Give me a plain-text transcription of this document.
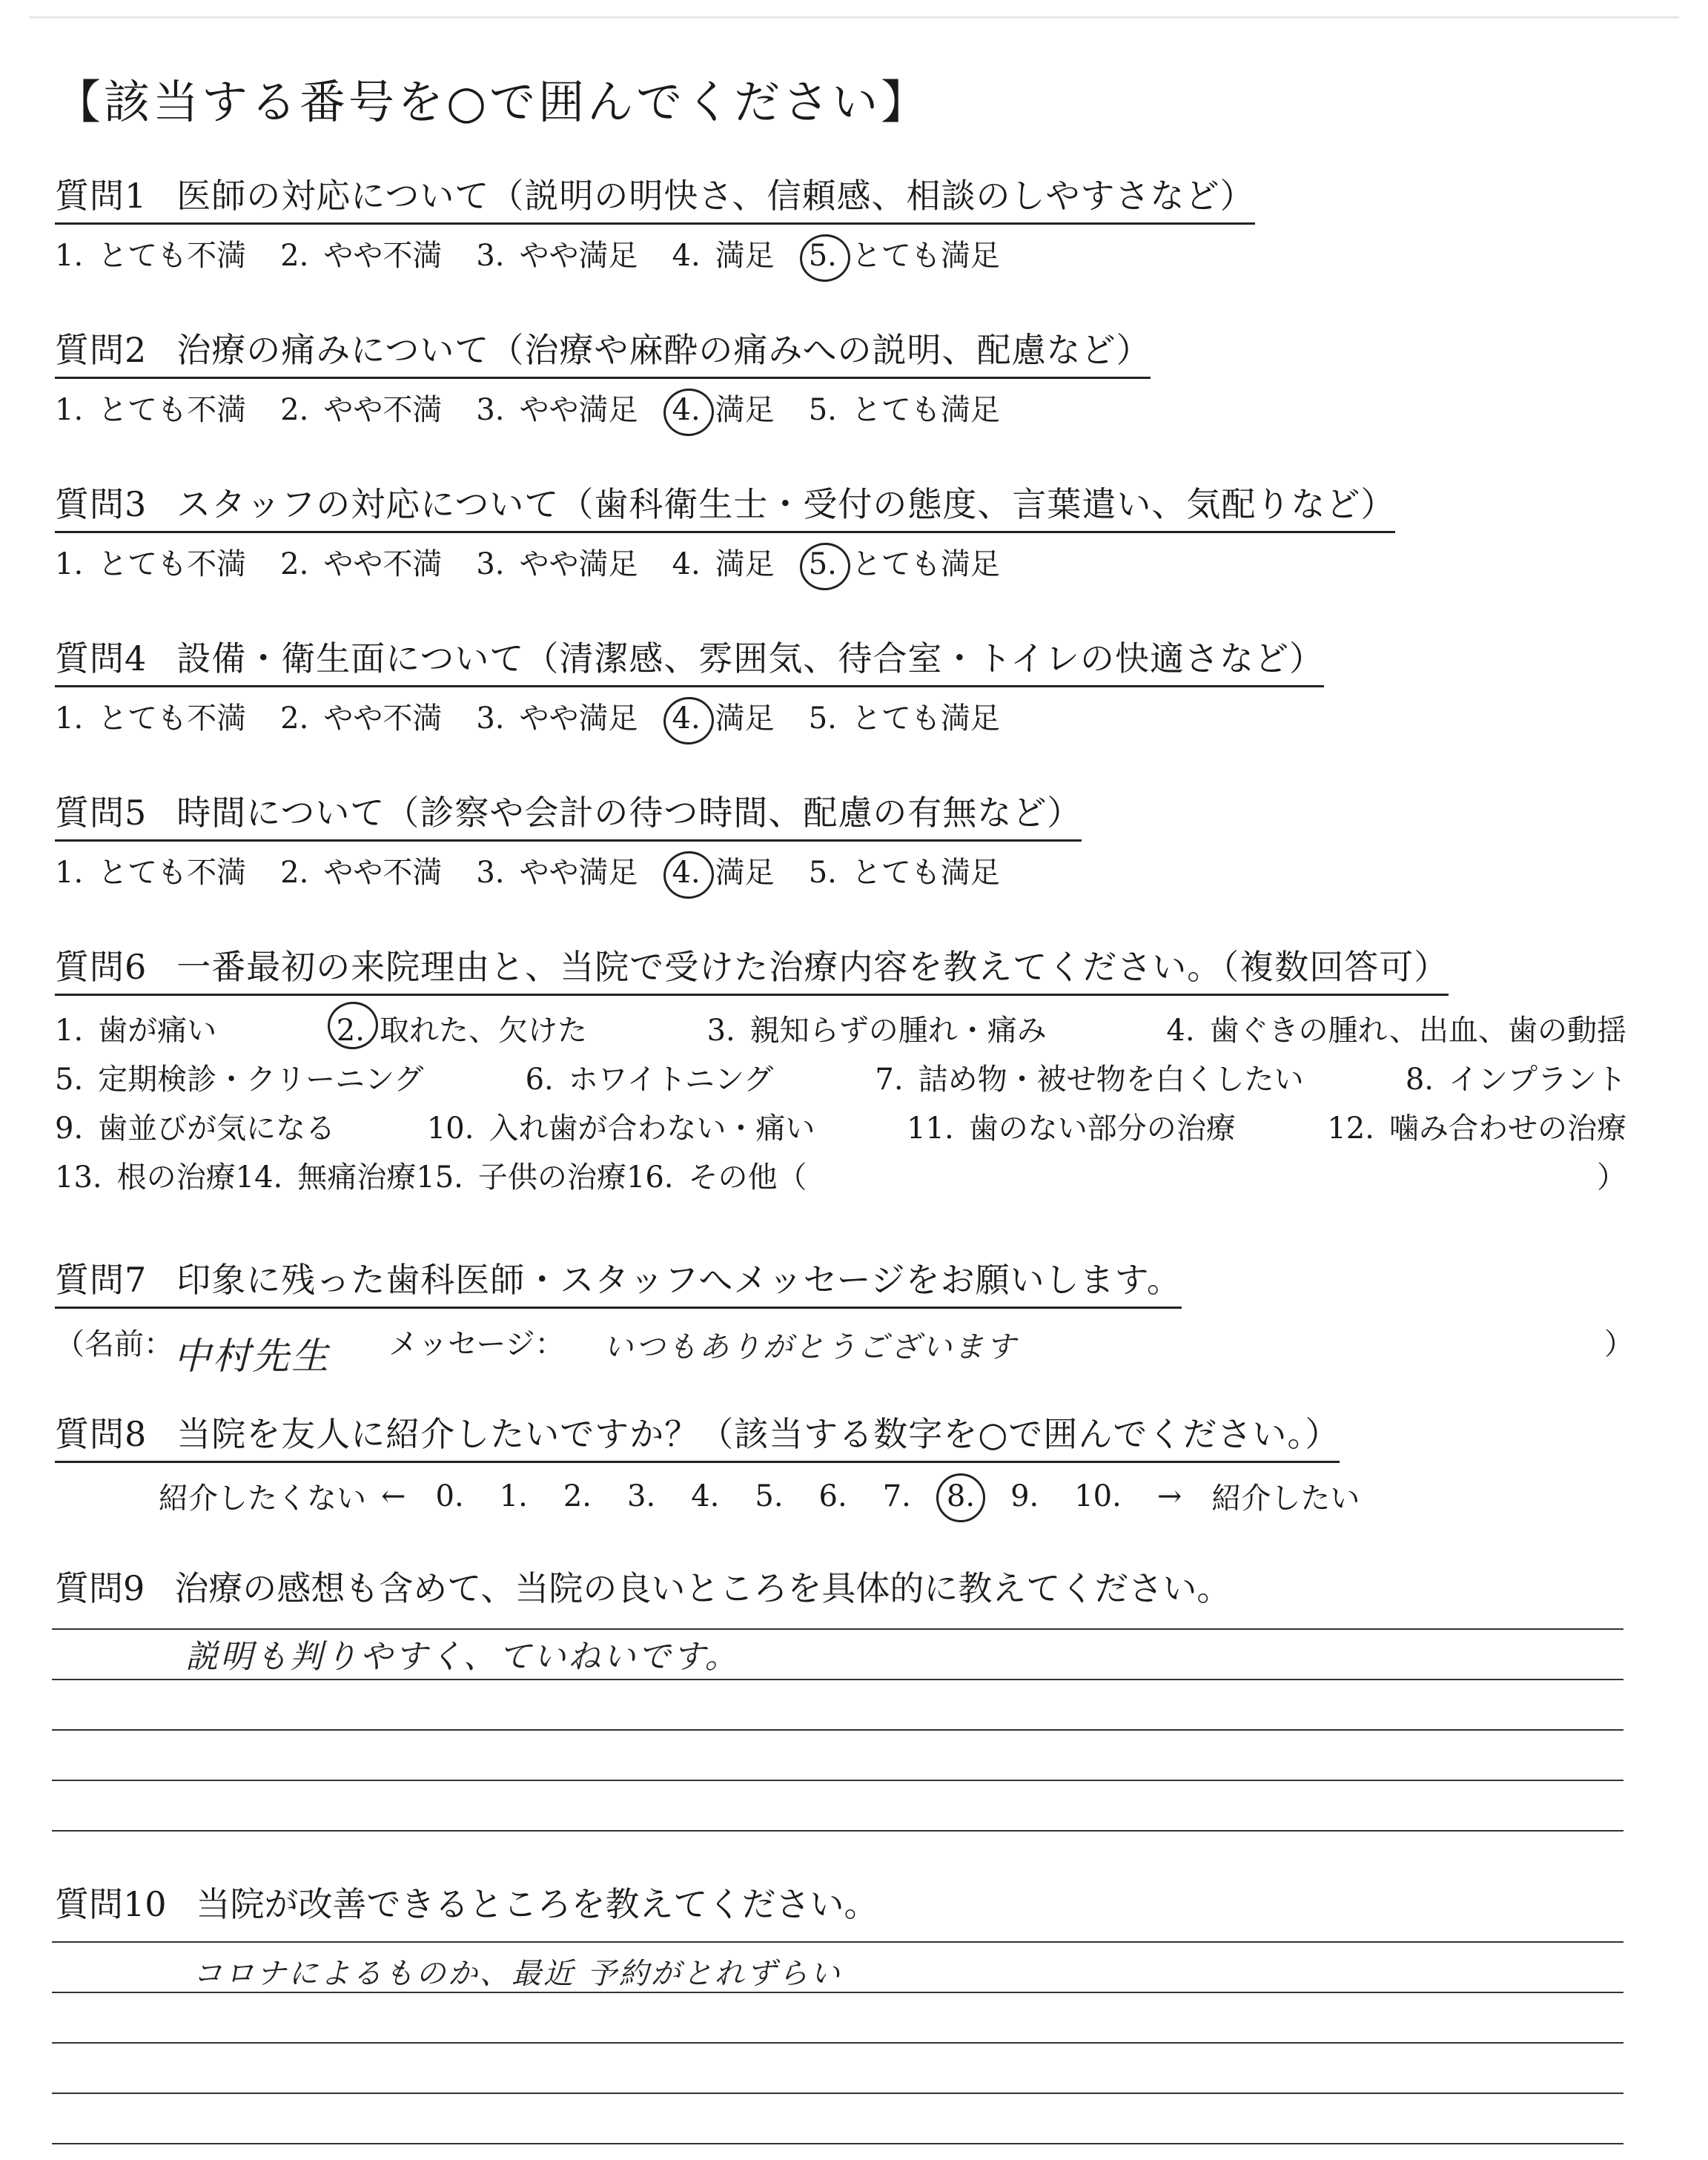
【該当する番号を○で囲んでください】
質問1 医師の対応について（説明の明快さ、信頼感、相談のしやすさなど）
1. とても不満 2. やや不満 3. やや満足 4. 満足 5. とても満足
質問2 治療の痛みについて（治療や麻酔の痛みへの説明、配慮など）
1. とても不満 2. やや不満 3. やや満足 4. 満足 5. とても満足
質問3 スタッフの対応について（歯科衛生士・受付の態度、言葉遣い、気配りなど）
1. とても不満 2. やや不満 3. やや満足 4. 満足 5. とても満足
質問4 設備・衛生面について（清潔感、雰囲気、待合室・トイレの快適さなど）
1. とても不満 2. やや不満 3. やや満足 4. 満足 5. とても満足
質問5 時間について（診察や会計の待つ時間、配慮の有無など）
1. とても不満 2. やや不満 3. やや満足 4. 満足 5. とても満足
質問6 一番最初の来院理由と、当院で受けた治療内容を教えてください。（複数回答可）
1. 歯が痛い	2. 取れた、欠けた	3. 親知らずの腫れ・痛み	4. 歯ぐきの腫れ、出血、歯の動揺
5. 定期検診・クリーニング	6. ホワイトニング	7. 詰め物・被せ物を白くしたい	8. インプラント
9. 歯並びが気になる	10. 入れ歯が合わない・痛い	11. 歯のない部分の治療	12. 噛み合わせの治療
13. 根の治療 14. 無痛治療 15. 子供の治療 16. その他（	）
質問7 印象に残った歯科医師・スタッフへメッセージをお願いします。
（名前： 中村先生 メッセージ： いつもありがとうございます	）
質問8 当院を友人に紹介したいですか？（該当する数字を○で囲んでください。）
紹介したくない ← 0. 1. 2. 3. 4. 5. 6. 7. 8. 9. 10. → 紹介したい
質問9 治療の感想も含めて、当院の良いところを具体的に教えてください。
説明も判りやすく、ていねいです。
質問10 当院が改善できるところを教えてください。
コロナによるものか、最近 予約がとれずらい
